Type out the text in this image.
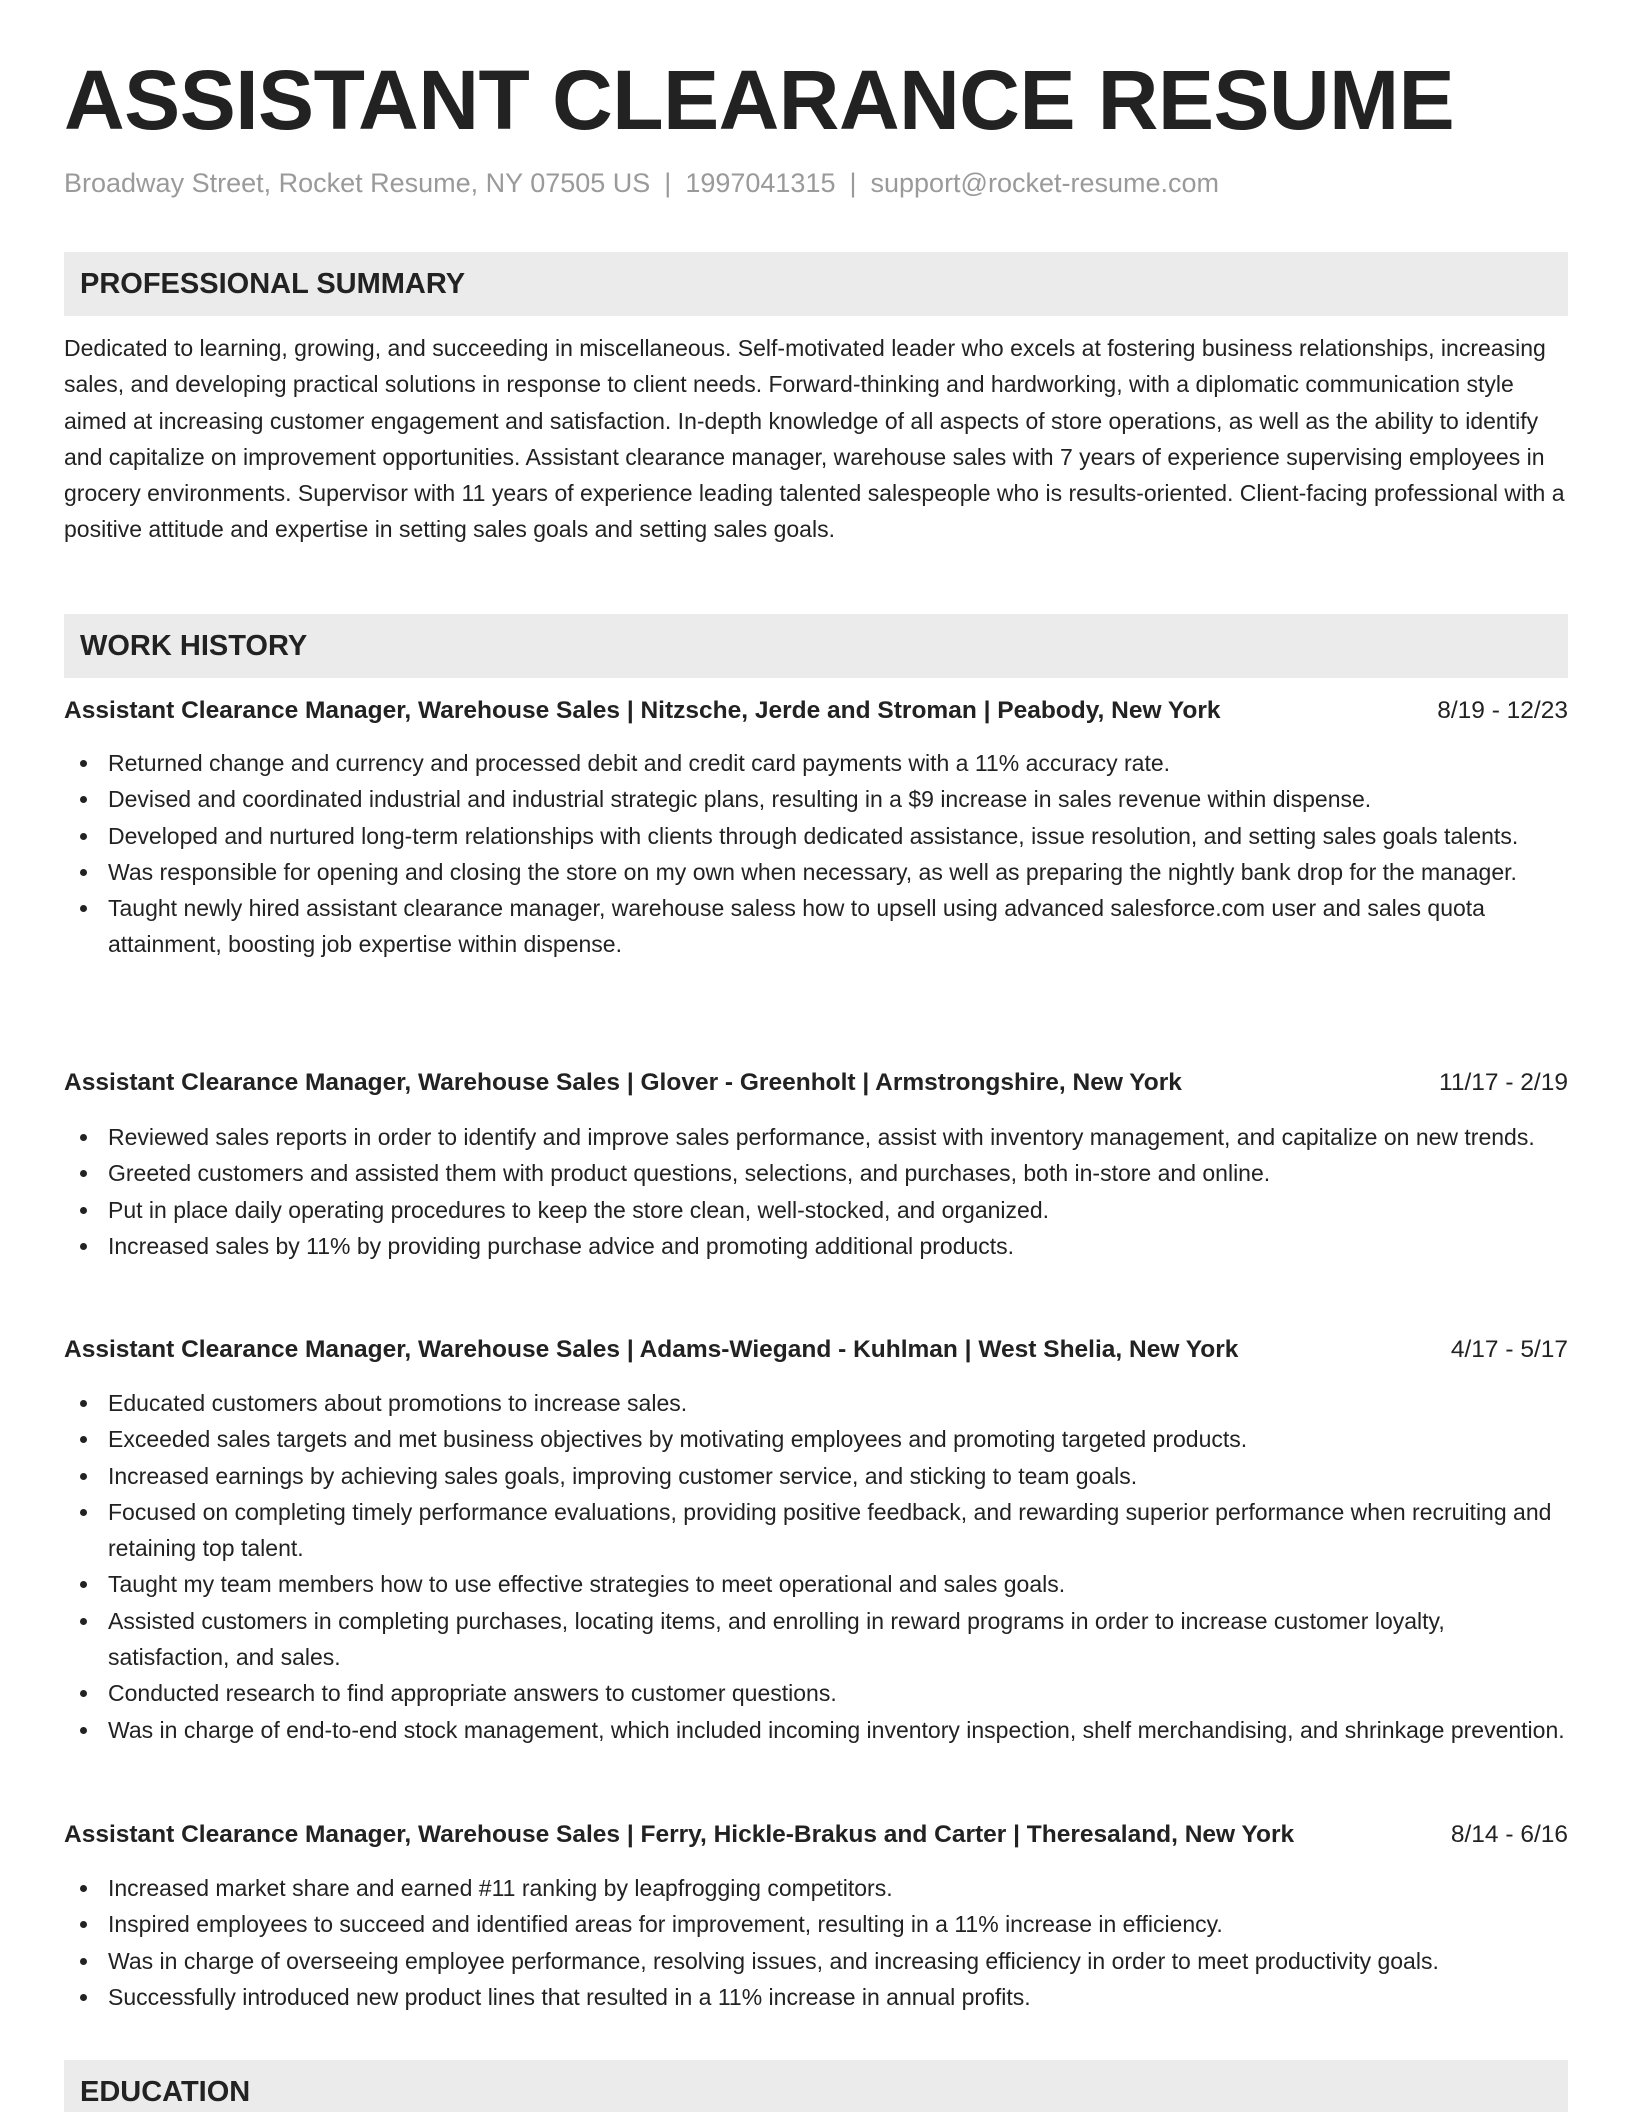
ASSISTANT CLEARANCE RESUME
Broadway Street, Rocket Resume, NY 07505 US | 1997041315 | support@rocket-resume.com
PROFESSIONAL SUMMARY

Dedicated to learning, growing, and succeeding in miscellaneous. Self-motivated leader who excels at fostering business relationships, increasing sales, and developing practical solutions in response to client needs. Forward-thinking and hardworking, with a diplomatic communication style aimed at increasing customer engagement and satisfaction. In-depth knowledge of all aspects of store operations, as well as the ability to identify and capitalize on improvement opportunities. Assistant clearance manager, warehouse sales with 7 years of experience supervising employees in grocery environments. Supervisor with 11 years of experience leading talented salespeople who is results-oriented. Client-facing professional with a positive attitude and expertise in setting sales goals and setting sales goals.

WORK HISTORY
Assistant Clearance Manager, Warehouse Sales | Nitzsche, Jerde and Stroman | Peabody, New York	8/19 - 12/23
Returned change and currency and processed debit and credit card payments with a 11% accuracy rate.
Devised and coordinated industrial and industrial strategic plans, resulting in a $9 increase in sales revenue within dispense.
Developed and nurtured long-term relationships with clients through dedicated assistance, issue resolution, and setting sales goals talents.
Was responsible for opening and closing the store on my own when necessary, as well as preparing the nightly bank drop for the manager.
Taught newly hired assistant clearance manager, warehouse saless how to upsell using advanced salesforce.com user and sales quota attainment, boosting job expertise within dispense.
Assistant Clearance Manager, Warehouse Sales | Glover - Greenholt | Armstrongshire, New York	11/17 - 2/19
Reviewed sales reports in order to identify and improve sales performance, assist with inventory management, and capitalize on new trends.
Greeted customers and assisted them with product questions, selections, and purchases, both in-store and online.
Put in place daily operating procedures to keep the store clean, well-stocked, and organized.
Increased sales by 11% by providing purchase advice and promoting additional products.
Assistant Clearance Manager, Warehouse Sales | Adams-Wiegand - Kuhlman | West Shelia, New York	4/17 - 5/17
Educated customers about promotions to increase sales.
Exceeded sales targets and met business objectives by motivating employees and promoting targeted products.
Increased earnings by achieving sales goals, improving customer service, and sticking to team goals.
Focused on completing timely performance evaluations, providing positive feedback, and rewarding superior performance when recruiting and retaining top talent.
Taught my team members how to use effective strategies to meet operational and sales goals.
Assisted customers in completing purchases, locating items, and enrolling in reward programs in order to increase customer loyalty, satisfaction, and sales.
Conducted research to find appropriate answers to customer questions.
Was in charge of end-to-end stock management, which included incoming inventory inspection, shelf merchandising, and shrinkage prevention.
Assistant Clearance Manager, Warehouse Sales | Ferry, Hickle-Brakus and Carter | Theresaland, New York	8/14 - 6/16
Increased market share and earned #11 ranking by leapfrogging competitors.
Inspired employees to succeed and identified areas for improvement, resulting in a 11% increase in efficiency.
Was in charge of overseeing employee performance, resolving issues, and increasing efficiency in order to meet productivity goals.
Successfully introduced new product lines that resulted in a 11% increase in annual profits.
EDUCATION
